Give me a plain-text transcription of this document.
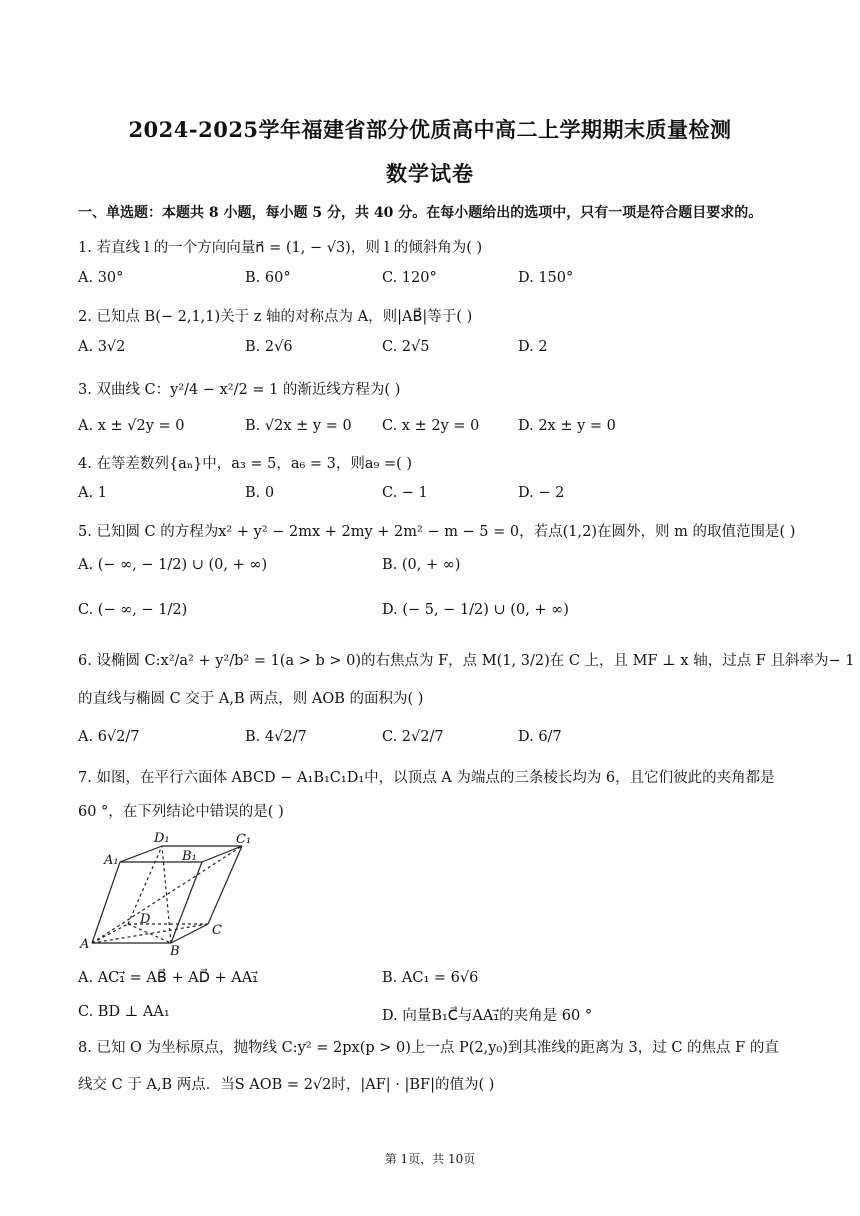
2024-2025学年福建省部分优质高中高二上学期期末质量检测
数学试卷
一、单选题：本题共 8 小题，每小题 5 分，共 40 分。在每小题给出的选项中，只有一项是符合题目要求的。
1. 若直线 l 的一个方向向量n⃗ = (1, − √3)，则 l 的倾斜角为( )
A. 30°	B. 60°	C. 120°	D. 150°
2. 已知点 B(− 2,1,1)关于 z 轴的对称点为 A，则|AB⃗|等于( )
A. 3√2	B. 2√6	C. 2√5	D. 2
3. 双曲线 C：y²/4 − x²/2 = 1 的渐近线方程为( )
A. x ± √2y = 0	B. √2x ± y = 0 C. x ± 2y = 0	D. 2x ± y = 0
4. 在等差数列{aₙ}中，a₃ = 5，a₆ = 3，则a₉ =( )
A. 1	B. 0	C. − 1	D. − 2
5. 已知圆 C 的方程为x² + y² − 2mx + 2my + 2m² − m − 5 = 0，若点(1,2)在圆外，则 m 的取值范围是( )
A. (− ∞, − 1/2) ∪ (0, + ∞)	B. (0, + ∞)
C. (− ∞, − 1/2)	D. (− 5, − 1/2) ∪ (0, + ∞)
6. 设椭圆 C:x²/a² + y²/b² = 1(a > b > 0)的右焦点为 F，点 M(1, 3/2)在 C 上，且 MF ⊥ x 轴，过点 F 且斜率为− 1
的直线与椭圆 C 交于 A,B 两点，则 AOB 的面积为( )
A. 6√2/7	B. 4√2/7	C. 2√2/7	D. 6/7
7. 如图，在平行六面体 ABCD − A₁B₁C₁D₁中，以顶点 A 为端点的三条棱长均为 6，且它们彼此的夹角都是
60 °，在下列结论中错误的是( )
D₁	C₁
A₁	B₁
D
A	B
C
A. AC₁⃗ = AB⃗ + AD⃗ + AA₁⃗	B. AC₁ = 6√6
C. BD ⊥ AA₁	D. 向量B₁C⃗与AA₁⃗的夹角是 60 °
8. 已知 O 为坐标原点，抛物线 C:y² = 2px(p > 0)上一点 P(2,y₀)到其准线的距离为 3，过 C 的焦点 F 的直
线交 C 于 A,B 两点．当S AOB = 2√2时，|AF| · |BF|的值为( )
第 1页，共 10页
